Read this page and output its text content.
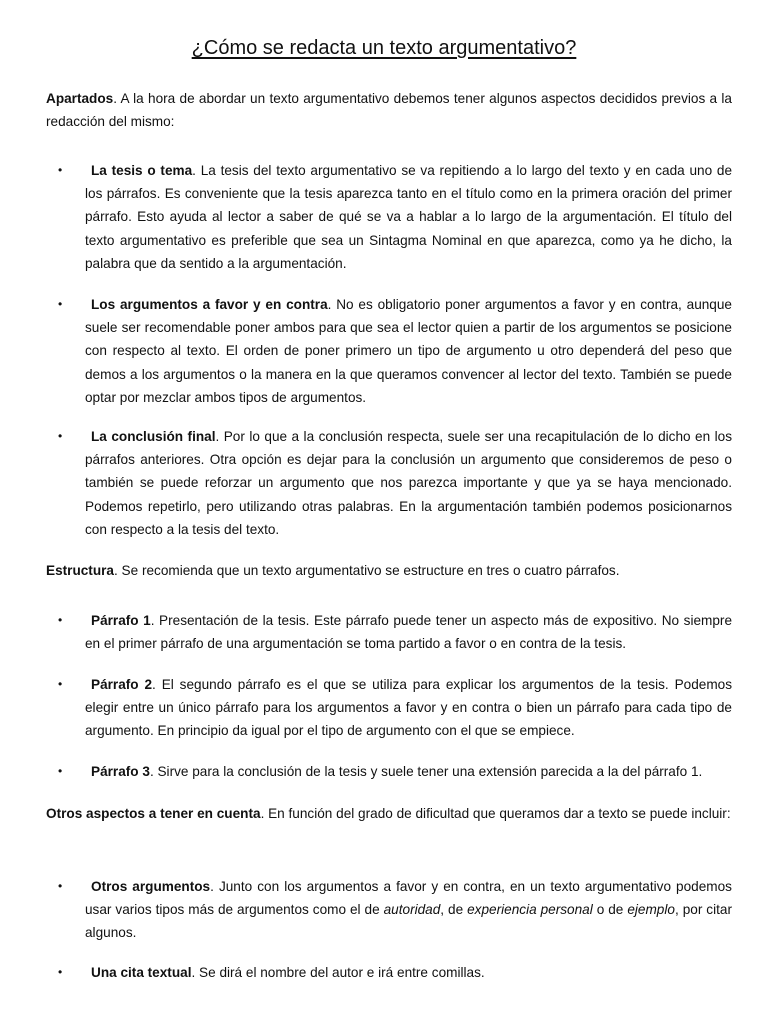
¿Cómo se redacta un texto argumentativo?
Apartados. A la hora de abordar un texto argumentativo debemos tener algunos aspectos decididos previos a la redacción del mismo:
•	La tesis o tema. La tesis del texto argumentativo se va repitiendo a lo largo del texto y en cada uno de los párrafos. Es conveniente que la tesis aparezca tanto en el título como en la primera oración del primer párrafo. Esto ayuda al lector a saber de qué se va a hablar a lo largo de la argumentación. El título del texto argumentativo es preferible que sea un Sintagma Nominal en que aparezca, como ya he dicho, la palabra que da sentido a la argumentación.
•	Los argumentos a favor y en contra. No es obligatorio poner argumentos a favor y en contra, aunque suele ser recomendable poner ambos para que sea el lector quien a partir de los argumentos se posicione con respecto al texto. El orden de poner primero un tipo de argumento u otro dependerá del peso que demos a los argumentos o la manera en la que queramos convencer al lector del texto. También se puede optar por mezclar ambos tipos de argumentos.
•	La conclusión final. Por lo que a la conclusión respecta, suele ser una recapitulación de lo dicho en los párrafos anteriores. Otra opción es dejar para la conclusión un argumento que consideremos de peso o también se puede reforzar un argumento que nos parezca importante y que ya se haya mencionado. Podemos repetirlo, pero utilizando otras palabras. En la argumentación también podemos posicionarnos con respecto a la tesis del texto.
Estructura. Se recomienda que un texto argumentativo se estructure en tres o cuatro párrafos.
•	Párrafo 1. Presentación de la tesis. Este párrafo puede tener un aspecto más de expositivo. No siempre en el primer párrafo de una argumentación se toma partido a favor o en contra de la tesis.
•	Párrafo 2. El segundo párrafo es el que se utiliza para explicar los argumentos de la tesis. Podemos elegir entre un único párrafo para los argumentos a favor y en contra o bien un párrafo para cada tipo de argumento. En principio da igual por el tipo de argumento con el que se empiece.
•	Párrafo 3. Sirve para la conclusión de la tesis y suele tener una extensión parecida a la del párrafo 1.
Otros aspectos a tener en cuenta. En función del grado de dificultad que queramos dar a texto se puede incluir:
•	Otros argumentos. Junto con los argumentos a favor y en contra, en un texto argumentativo podemos usar varios tipos más de argumentos como el de autoridad, de experiencia personal o de ejemplo, por citar algunos.
•	Una cita textual. Se dirá el nombre del autor e irá entre comillas.
